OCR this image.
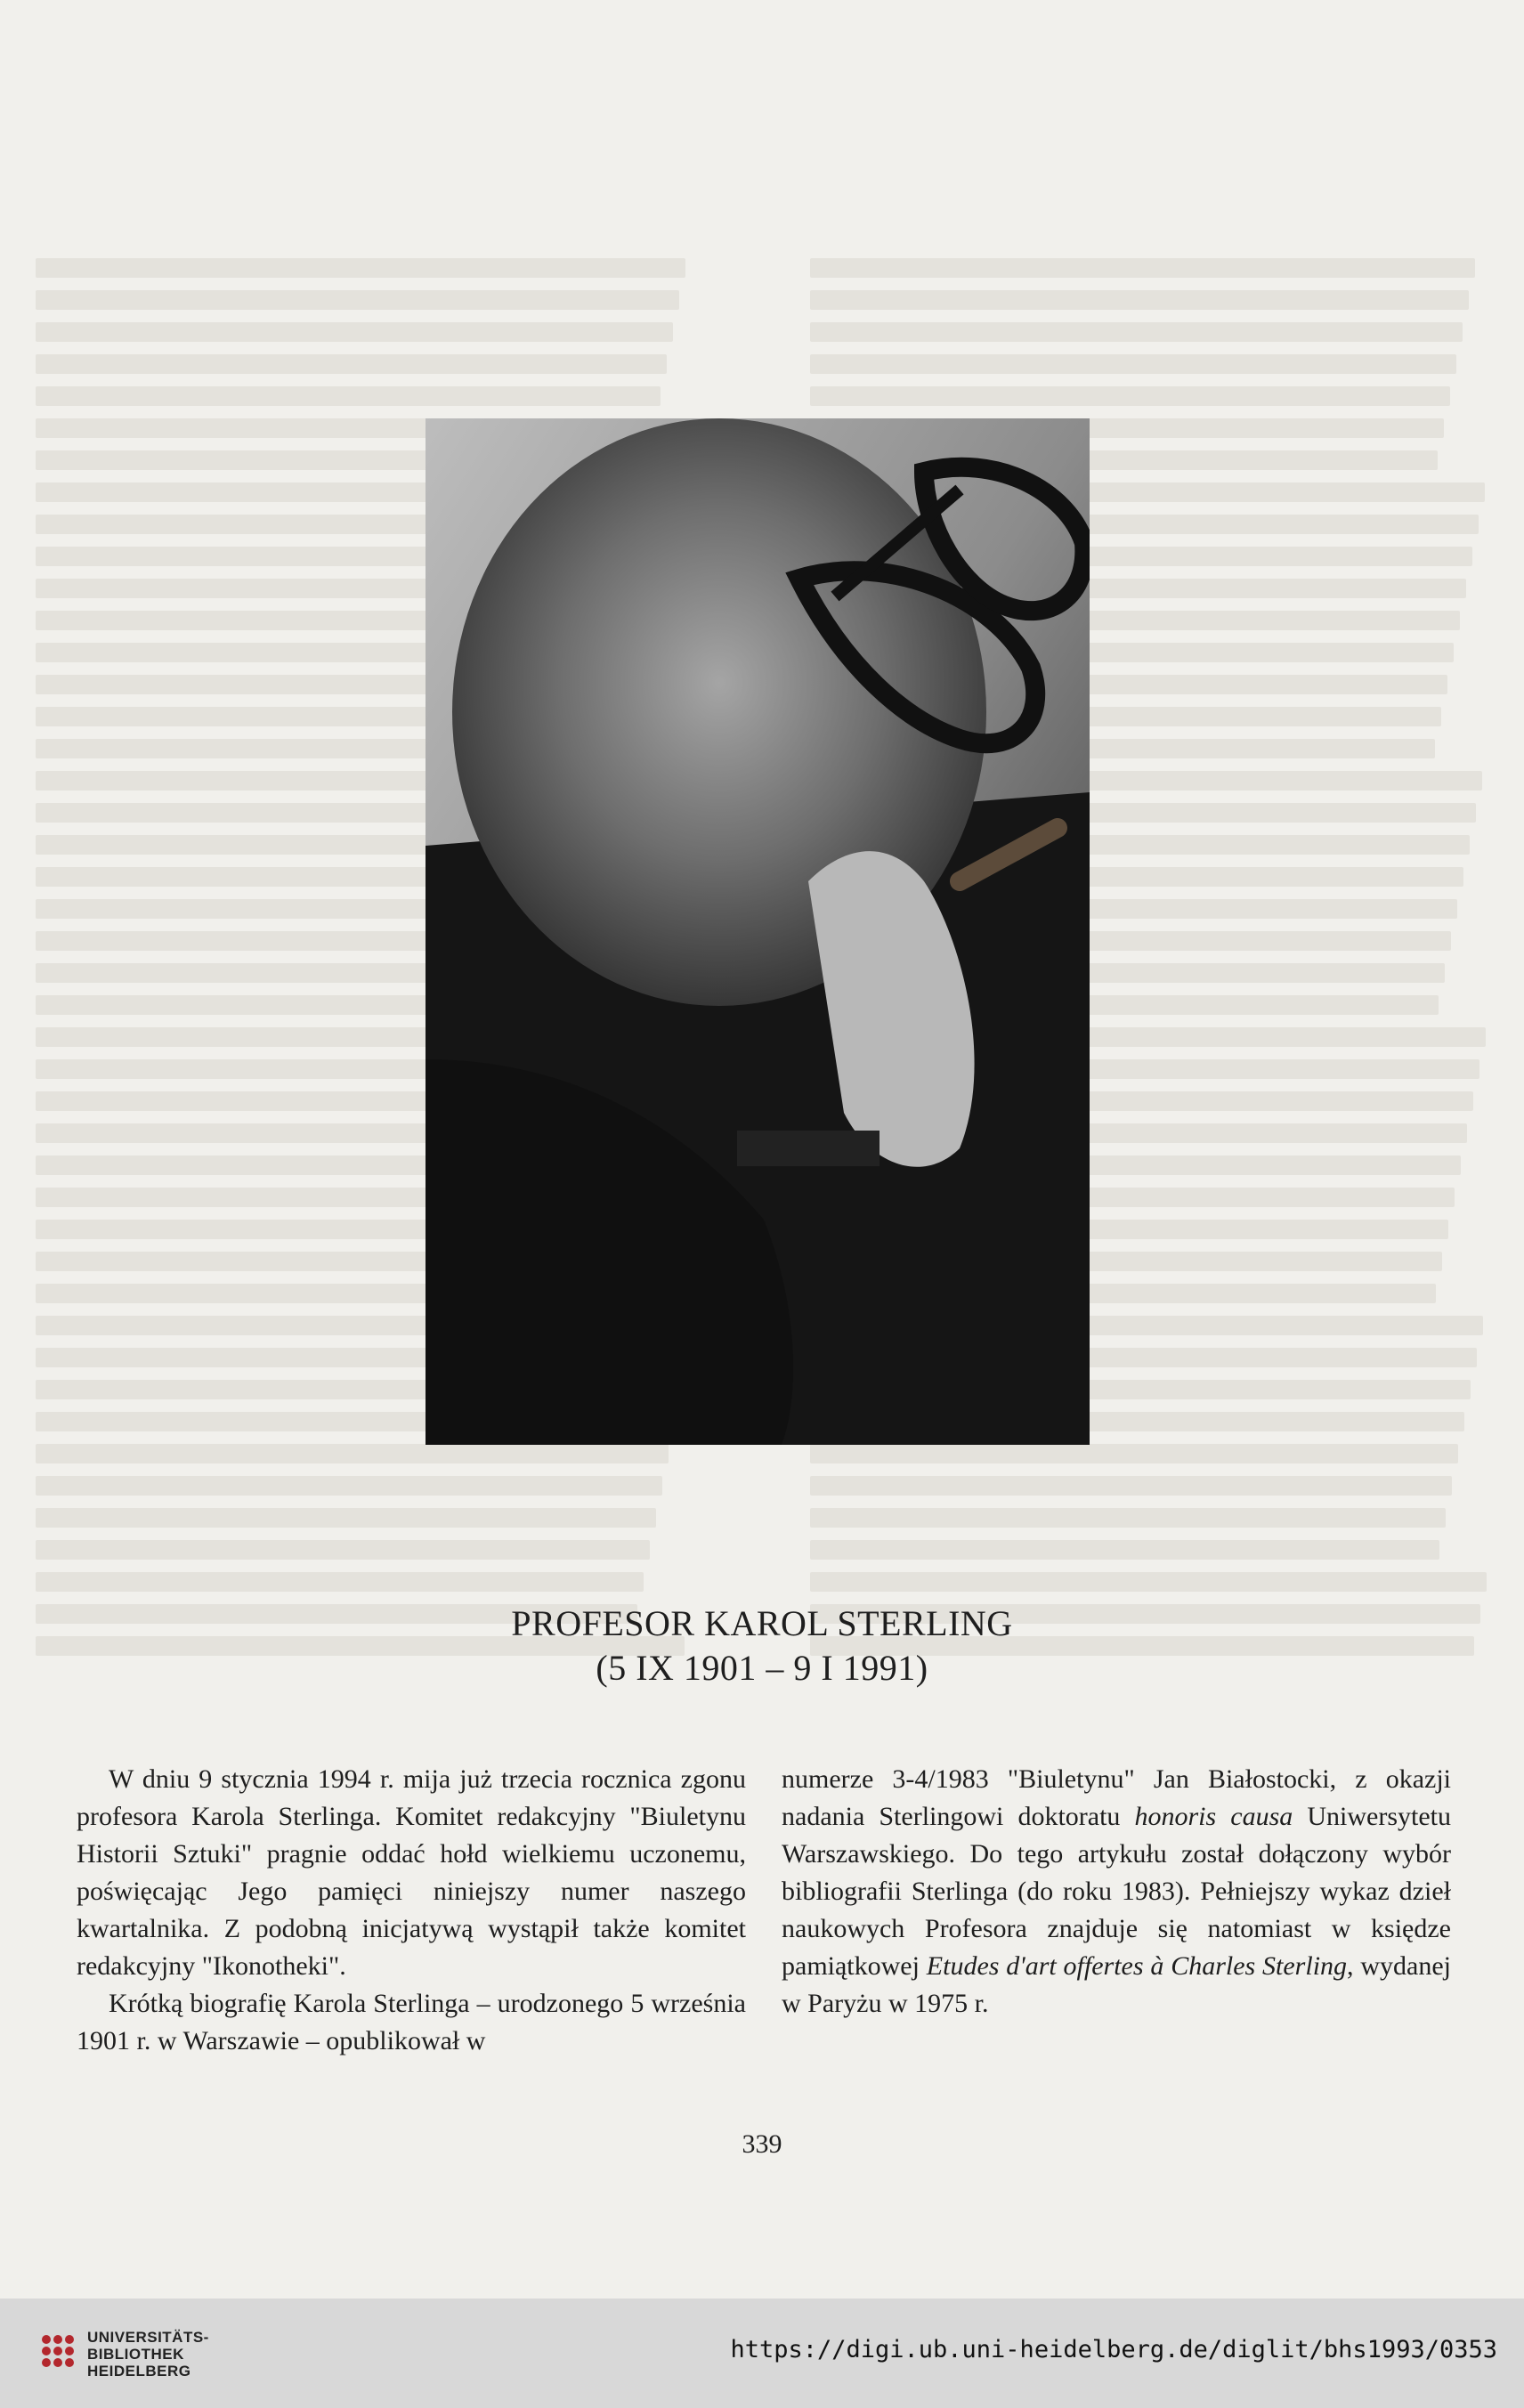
PROFESOR KAROL STERLING
(5 IX 1901 – 9 I 1991)

W dniu 9 stycznia 1994 r. mija już trzecia rocznica zgonu profesora Karola Sterlinga. Komitet redakcyjny "Biuletynu Historii Sztuki" pragnie oddać hołd wielkiemu uczonemu, poświęcając Jego pamięci niniejszy numer naszego kwartalnika. Z podobną inicjatywą wystąpił także komitet redakcyjny "Ikonotheki".

Krótką biografię Karola Sterlinga – urodzonego 5 września 1901 r. w Warszawie – opublikował w

numerze 3-4/1983 "Biuletynu" Jan Białostocki, z okazji nadania Sterlingowi doktoratu honoris causa Uniwersytetu Warszawskiego. Do tego artykułu został dołączony wybór bibliografii Sterlinga (do roku 1983). Pełniejszy wykaz dzieł naukowych Profesora znajduje się natomiast w księdze pamiątkowej Etudes d'art offertes à Charles Sterling, wydanej w Paryżu w 1975 r.

339
UNIVERSITÄTS-
BIBLIOTHEK
HEIDELBERG
https://digi.ub.uni-heidelberg.de/diglit/bhs1993/0353
